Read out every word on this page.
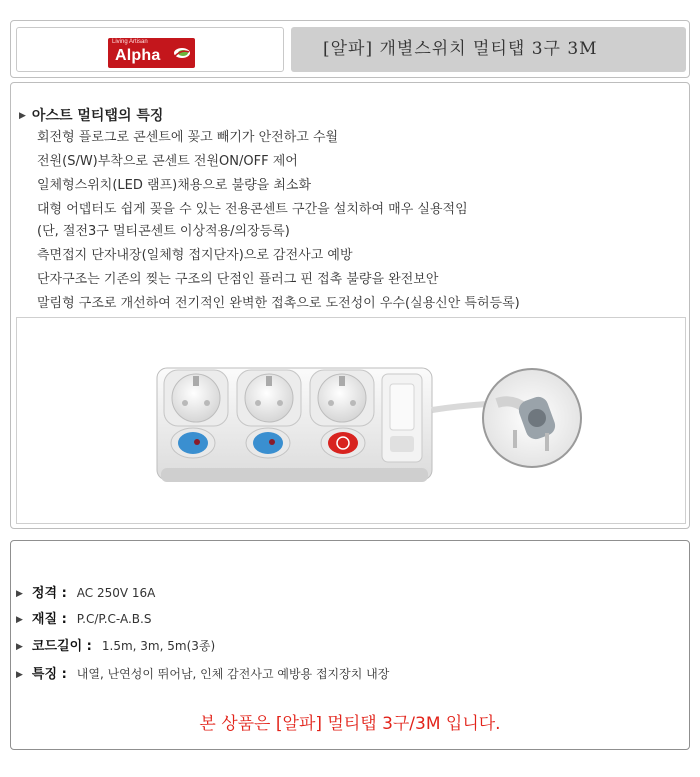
Living Artisan
Alpha	[알파] 개별스위치 멀티탭 3구 3M
▶ 아스트 멀티탭의 특징
회전형 플로그로 콘센트에 꽂고 빼기가 안전하고 수월
전원(S/W)부착으로 콘센트 전원ON/OFF 제어
일체형스위치(LED 램프)채용으로 불량을 최소화
대형 어뎁터도 쉽게 꽂을 수 있는 전용콘센트 구간을 설치하여 매우 실용적임
(단, 절전3구 멀티콘센트 이상적용/의장등록)
측면접지 단자내장(일체형 접지단자)으로 감전사고 예방
단자구조는 기존의 찢는 구조의 단점인 플러그 핀 접촉 불량을 완전보안
말림형 구조로 개선하여 전기적인 완벽한 접촉으로 도전성이 우수(실용신안 특허등록)
▶ 정격 : AC 250V 16A
▶ 재질 : P.C/P.C-A.B.S
▶ 코드길이 : 1.5m, 3m, 5m(3종)
▶ 특징 : 내열, 난연성이 뛰어남, 인체 감전사고 예방용 접지장치 내장
본 상품은 [알파] 멀티탭 3구/3M 입니다.
